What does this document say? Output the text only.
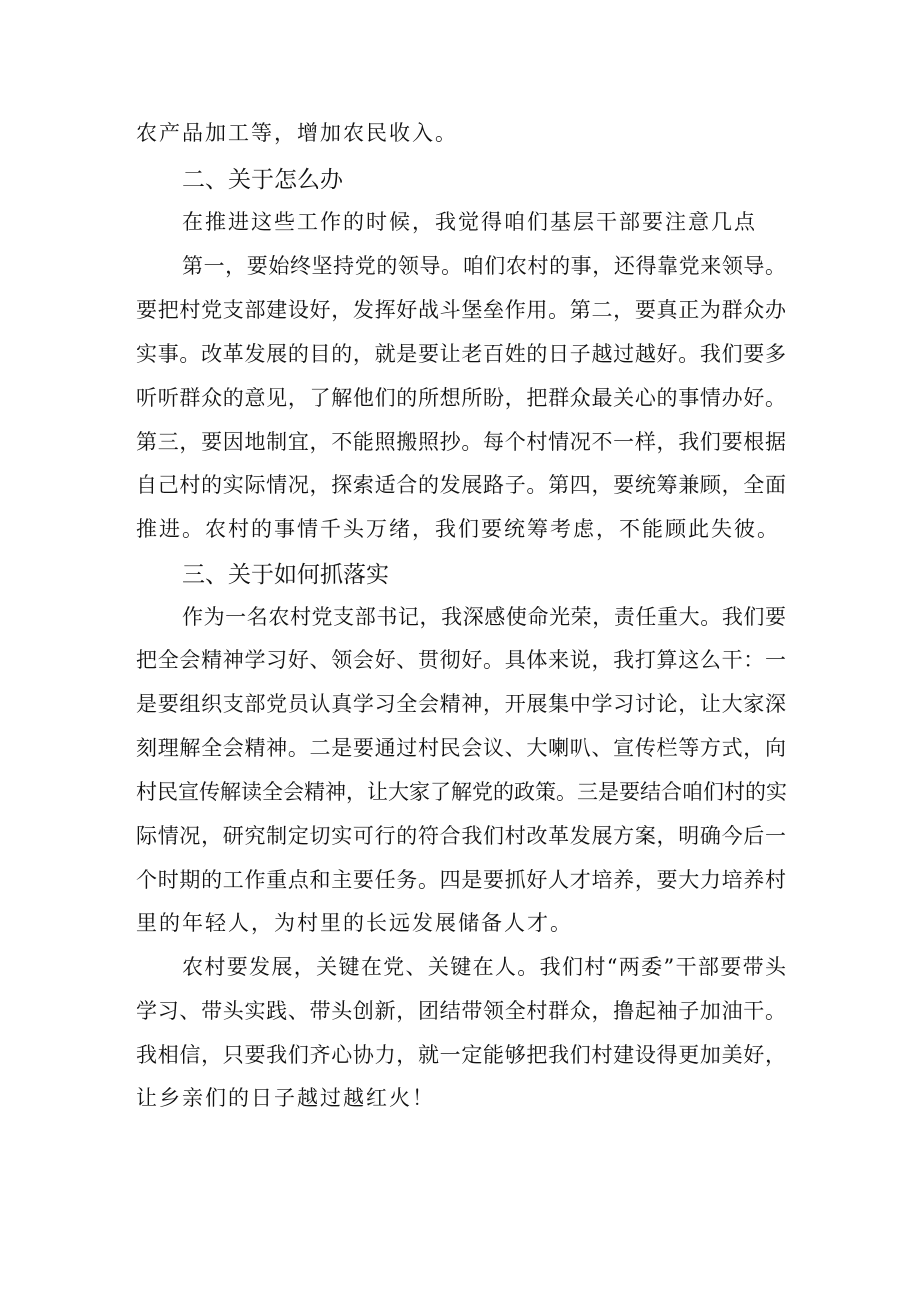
农产品加工等，增加农民收入。
二、关于怎么办
在推进这些工作的时候，我觉得咱们基层干部要注意几点
第一，要始终坚持党的领导。咱们农村的事，还得靠党来领导。
要把村党支部建设好，发挥好战斗堡垒作用。第二，要真正为群众办
实事。改革发展的目的，就是要让老百姓的日子越过越好。我们要多
听听群众的意见，了解他们的所想所盼，把群众最关心的事情办好。
第三，要因地制宜，不能照搬照抄。每个村情况不一样，我们要根据
自己村的实际情况，探索适合的发展路子。第四，要统筹兼顾，全面
推进。农村的事情千头万绪，我们要统筹考虑，不能顾此失彼。
三、关于如何抓落实
作为一名农村党支部书记，我深感使命光荣，责任重大。我们要
把全会精神学习好、领会好、贯彻好。具体来说，我打算这么干：一
是要组织支部党员认真学习全会精神，开展集中学习讨论，让大家深
刻理解全会精神。二是要通过村民会议、大喇叭、宣传栏等方式，向
村民宣传解读全会精神，让大家了解党的政策。三是要结合咱们村的实
际情况，研究制定切实可行的符合我们村改革发展方案，明确今后一
个时期的工作重点和主要任务。四是要抓好人才培养，要大力培养村
里的年轻人，为村里的长远发展储备人才。
农村要发展，关键在党、关键在人。我们村“两委”干部要带头
学习、带头实践、带头创新，团结带领全村群众，撸起袖子加油干。
我相信，只要我们齐心协力，就一定能够把我们村建设得更加美好，
让乡亲们的日子越过越红火！
